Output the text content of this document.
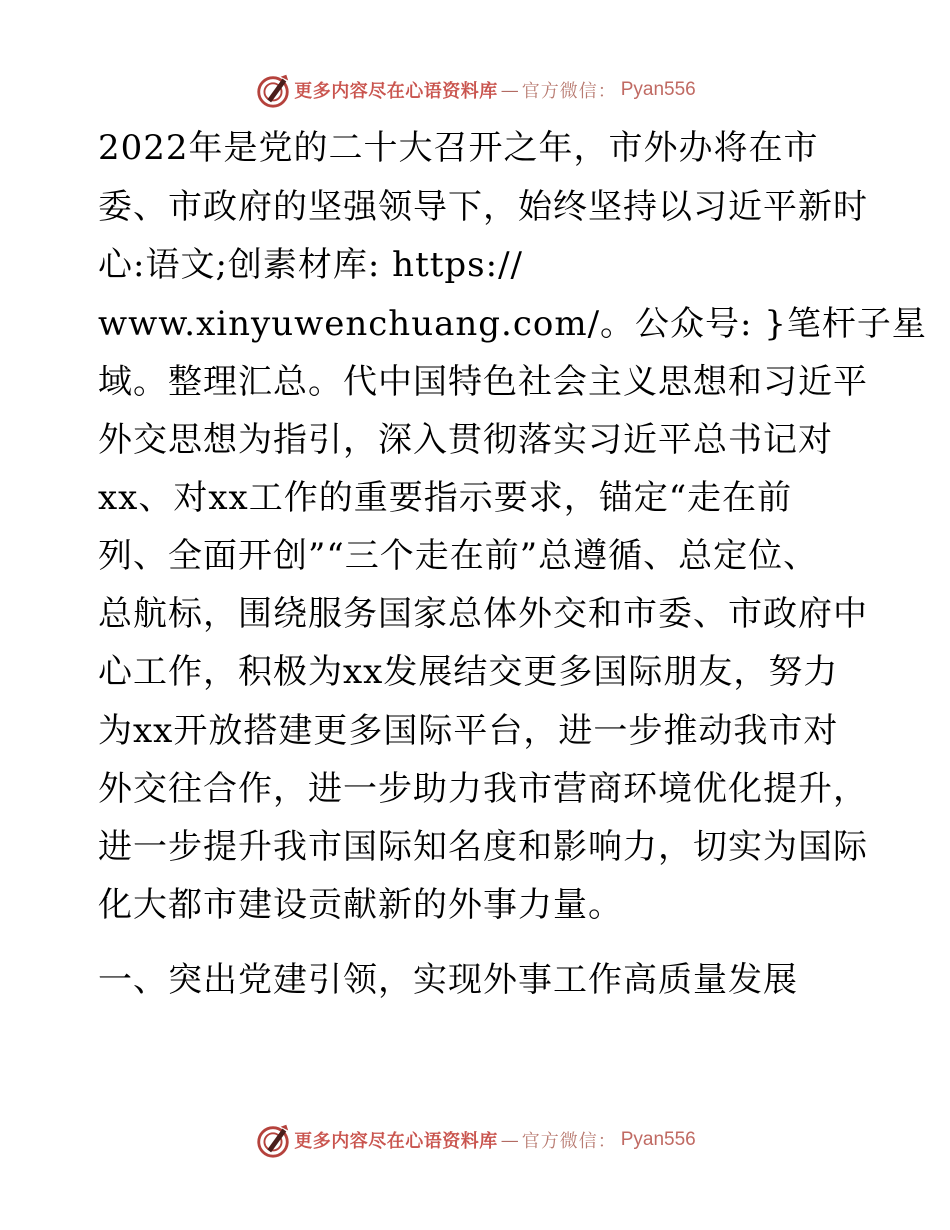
更多内容尽在心语资料库 — 官方微信： Pyan556
2022年是党的二十大召开之年，市外办将在市
委、市政府的坚强领导下，始终坚持以习近平新时
心:语文;创素材库: https://
www.xinyuwenchuang.com/。公众号: }笔杆子星
域。整理汇总。代中国特色社会主义思想和习近平
外交思想为指引，深入贯彻落实习近平总书记对
xx、对xx工作的重要指示要求，锚定“走在前
列、全面开创”“三个走在前”总遵循、总定位、
总航标，围绕服务国家总体外交和市委、市政府中
心工作，积极为xx发展结交更多国际朋友，努力
为xx开放搭建更多国际平台，进一步推动我市对
外交往合作，进一步助力我市营商环境优化提升，
进一步提升我市国际知名度和影响力，切实为国际
化大都市建设贡献新的外事力量。
一、突出党建引领，实现外事工作高质量发展
更多内容尽在心语资料库 — 官方微信： Pyan556
